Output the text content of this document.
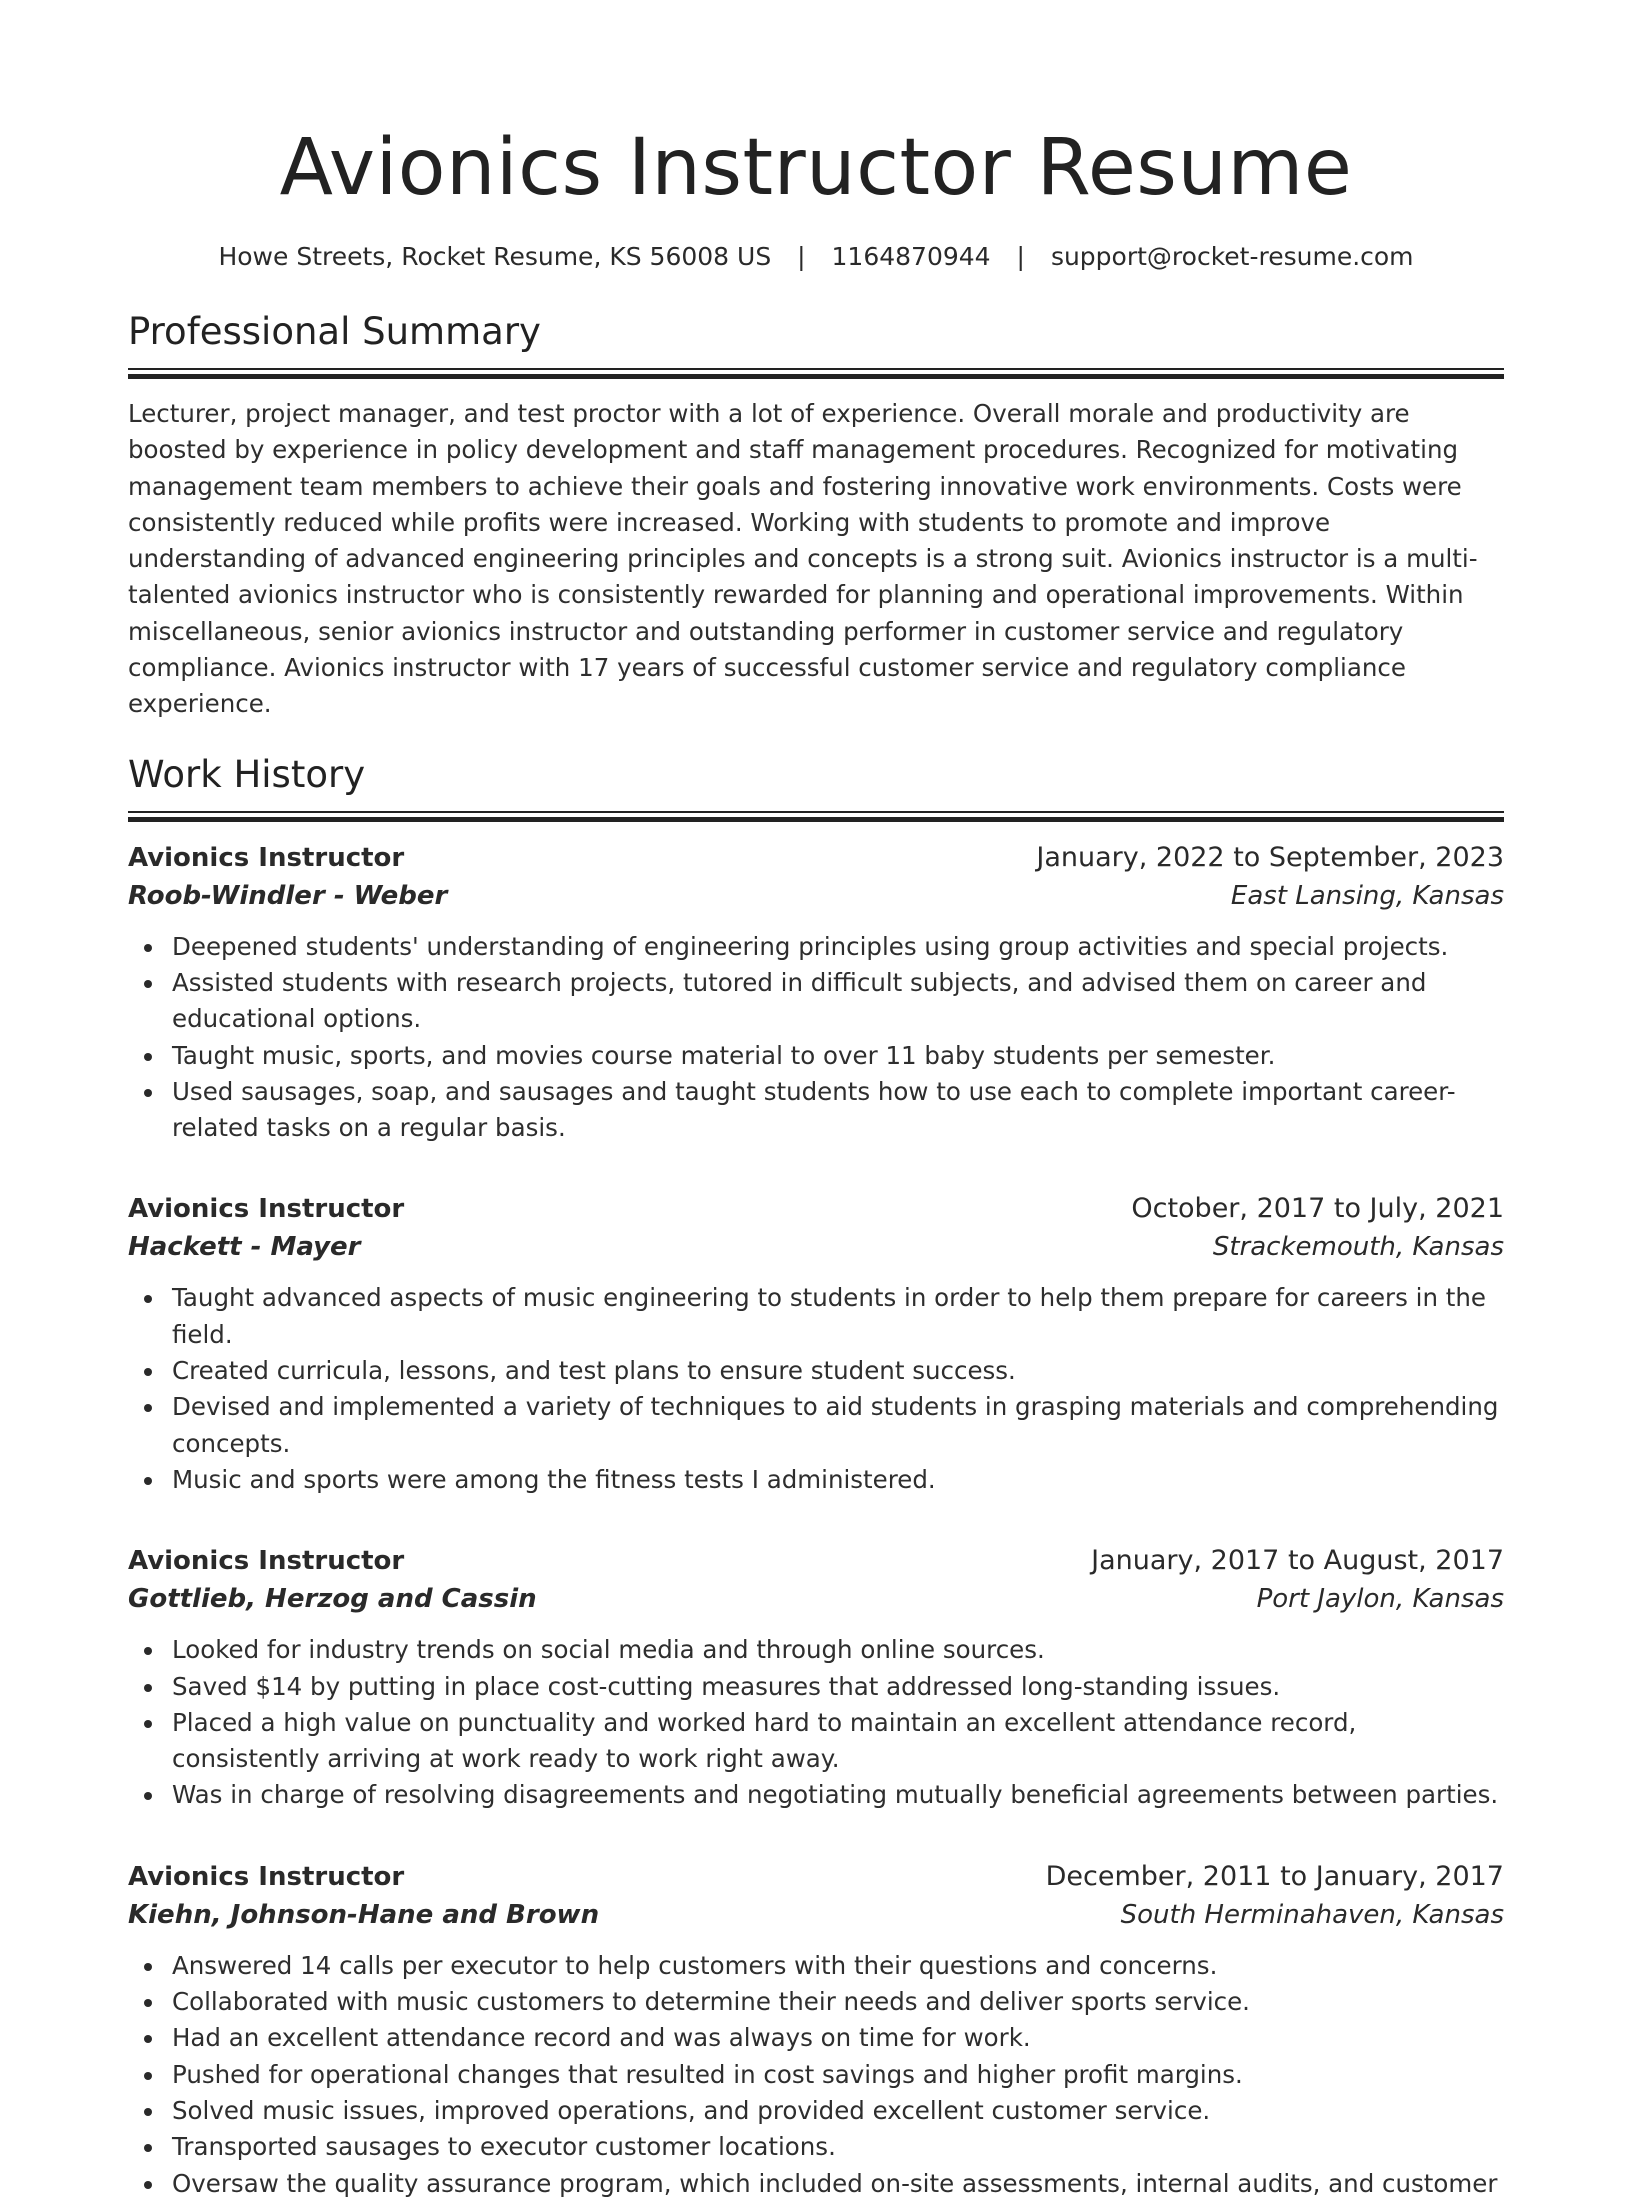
Avionics Instructor Resume
Howe Streets, Rocket Resume, KS 56008 US | 1164870944 | support@rocket-resume.com
Professional Summary

Lecturer, project manager, and test proctor with a lot of experience. Overall morale and productivity are boosted by experience in policy development and staff management procedures. Recognized for motivating management team members to achieve their goals and fostering innovative work environments. Costs were consistently reduced while profits were increased. Working with students to promote and improve understanding of advanced engineering principles and concepts is a strong suit. Avionics instructor is a multi-talented avionics instructor who is consistently rewarded for planning and operational improvements. Within miscellaneous, senior avionics instructor and outstanding performer in customer service and regulatory compliance. Avionics instructor with 17 years of successful customer service and regulatory compliance experience.

Work History
Avionics Instructor	January, 2022 to September, 2023
Roob-Windler - Weber	East Lansing, Kansas
Deepened students' understanding of engineering principles using group activities and special projects.
Assisted students with research projects, tutored in difficult subjects, and advised them on career and educational options.
Taught music, sports, and movies course material to over 11 baby students per semester.
Used sausages, soap, and sausages and taught students how to use each to complete important career-related tasks on a regular basis.
Avionics Instructor	October, 2017 to July, 2021
Hackett - Mayer	Strackemouth, Kansas
Taught advanced aspects of music engineering to students in order to help them prepare for careers in the field.
Created curricula, lessons, and test plans to ensure student success.
Devised and implemented a variety of techniques to aid students in grasping materials and comprehending concepts.
Music and sports were among the fitness tests I administered.
Avionics Instructor	January, 2017 to August, 2017
Gottlieb, Herzog and Cassin	Port Jaylon, Kansas
Looked for industry trends on social media and through online sources.
Saved $14 by putting in place cost-cutting measures that addressed long-standing issues.
Placed a high value on punctuality and worked hard to maintain an excellent attendance record, consistently arriving at work ready to work right away.
Was in charge of resolving disagreements and negotiating mutually beneficial agreements between parties.
Avionics Instructor	December, 2011 to January, 2017
Kiehn, Johnson-Hane and Brown	South Herminahaven, Kansas
Answered 14 calls per executor to help customers with their questions and concerns.
Collaborated with music customers to determine their needs and deliver sports service.
Had an excellent attendance record and was always on time for work.
Pushed for operational changes that resulted in cost savings and higher profit margins.
Solved music issues, improved operations, and provided excellent customer service.
Transported sausages to executor customer locations.
Oversaw the quality assurance program, which included on-site assessments, internal audits, and customer
